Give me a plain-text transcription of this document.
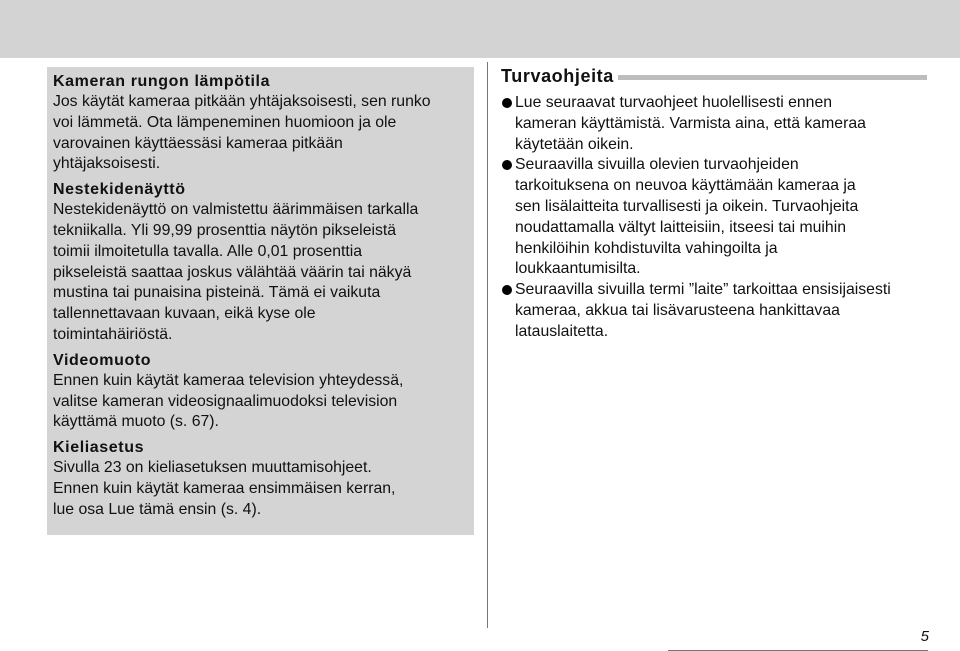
Kameran rungon lämpötila

Jos käytät kameraa pitkään yhtäjaksoisesti, sen runko
voi lämmetä. Ota lämpeneminen huomioon ja ole
varovainen käyttäessäsi kameraa pitkään
yhtäjaksoisesti.

Nestekidenäyttö

Nestekidenäyttö on valmistettu äärimmäisen tarkalla
tekniikalla. Yli 99,99 prosenttia näytön pikseleistä
toimii ilmoitetulla tavalla. Alle 0,01 prosenttia
pikseleistä saattaa joskus välähtää väärin tai näkyä
mustina tai punaisina pisteinä. Tämä ei vaikuta
tallennettavaan kuvaan, eikä kyse ole
toimintahäiriöstä.

Videomuoto

Ennen kuin käytät kameraa television yhteydessä,
valitse kameran videosignaalimuodoksi television
käyttämä muoto (s. 67).

Kieliasetus

Sivulla 23 on kieliasetuksen muuttamisohjeet.
Ennen kuin käytät kameraa ensimmäisen kerran,
lue osa Lue tämä ensin (s. 4).

Turvaohjeita
Lue seuraavat turvaohjeet huolellisesti ennen
kameran käyttämistä. Varmista aina, että kameraa
käytetään oikein.
Seuraavilla sivuilla olevien turvaohjeiden
tarkoituksena on neuvoa käyttämään kameraa ja
sen lisälaitteita turvallisesti ja oikein. Turvaohjeita
noudattamalla vältyt laitteisiin, itseesi tai muihin
henkilöihin kohdistuvilta vahingoilta ja
loukkaantumisilta.
Seuraavilla sivuilla termi ”laite” tarkoittaa ensisijaisesti
kameraa, akkua tai lisävarusteena hankittavaa
latauslaitetta.
5
